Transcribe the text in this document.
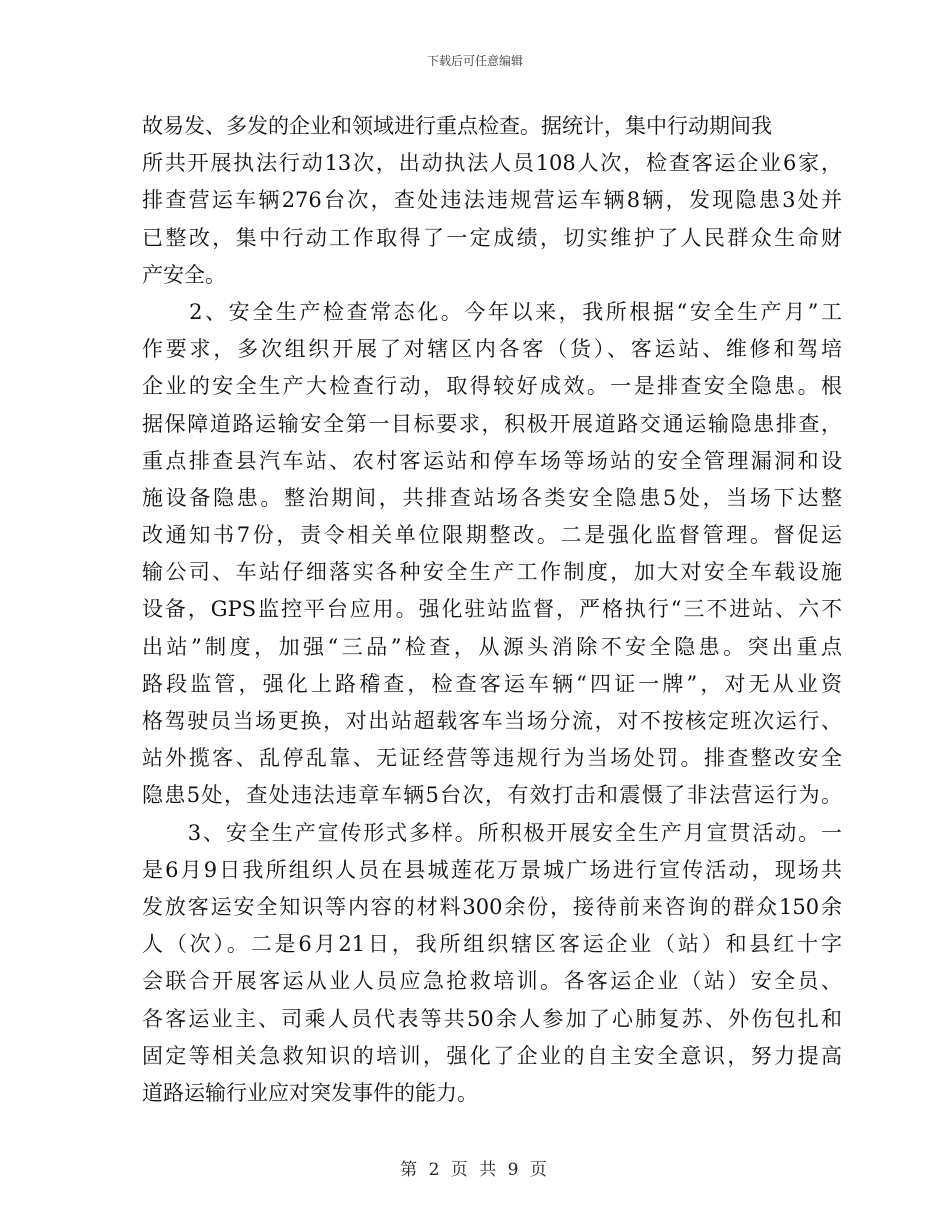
下载后可任意编辑
故易发、多发的企业和领域进行重点检查。据统计，集中行动期间我
所共开展执法行动13次，出动执法人员108人次，检查客运企业6家，
排查营运车辆276台次，查处违法违规营运车辆8辆，发现隐患3处并
已整改，集中行动工作取得了一定成绩，切实维护了人民群众生命财
产安全。
　　2、安全生产检查常态化。今年以来，我所根据“安全生产月”工
作要求，多次组织开展了对辖区内各客（货）、客运站、维修和驾培
企业的安全生产大检查行动，取得较好成效。一是排查安全隐患。根
据保障道路运输安全第一目标要求，积极开展道路交通运输隐患排查，
重点排查县汽车站、农村客运站和停车场等场站的安全管理漏洞和设
施设备隐患。整治期间，共排查站场各类安全隐患5处，当场下达整
改通知书7份，责令相关单位限期整改。二是强化监督管理。督促运
输公司、车站仔细落实各种安全生产工作制度，加大对安全车载设施
设备，GPS监控平台应用。强化驻站监督，严格执行“三不进站、六不
出站”制度，加强“三品”检查，从源头消除不安全隐患。突出重点
路段监管，强化上路稽查，检查客运车辆“四证一牌”，对无从业资
格驾驶员当场更换，对出站超载客车当场分流，对不按核定班次运行、
站外揽客、乱停乱靠、无证经营等违规行为当场处罚。排查整改安全
隐患5处，查处违法违章车辆5台次，有效打击和震慑了非法营运行为。
　　3、安全生产宣传形式多样。所积极开展安全生产月宣贯活动。一
是6月9日我所组织人员在县城莲花万景城广场进行宣传活动，现场共
发放客运安全知识等内容的材料300余份，接待前来咨询的群众150余
人（次）。二是6月21日，我所组织辖区客运企业（站）和县红十字
会联合开展客运从业人员应急抢救培训。各客运企业（站）安全员、
各客运业主、司乘人员代表等共50余人参加了心肺复苏、外伤包扎和
固定等相关急救知识的培训，强化了企业的自主安全意识，努力提高
道路运输行业应对突发事件的能力。
第 2 页 共 9 页
